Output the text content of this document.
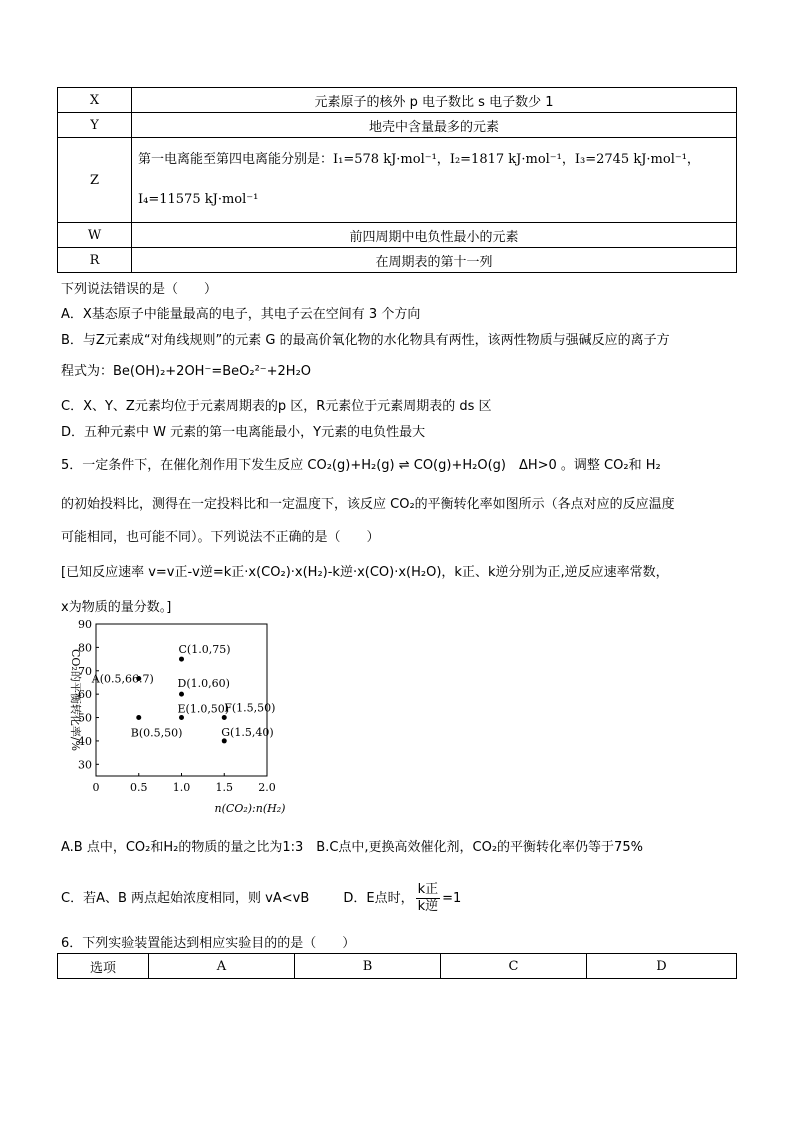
X	元素原子的核外 p 电子数比 s 电子数少 1
Y	地壳中含量最多的元素
Z	第一电离能至第四电离能分别是：I₁=578 kJ·mol⁻¹，I₂=1817 kJ·mol⁻¹，I₃=2745 kJ·mol⁻¹，
I₄=11575 kJ·mol⁻¹

W	前四周期中电负性最小的元素
R	在周期表的第十一列
下列说法错误的是（　　）
A．X基态原子中能量最高的电子，其电子云在空间有 3 个方向
B．与Z元素成“对角线规则”的元素 G 的最高价氧化物的水化物具有两性，该两性物质与强碱反应的离子方
程式为：Be(OH)₂+2OH⁻=BeO₂²⁻+2H₂O
C．X、Y、Z元素均位于元素周期表的p 区，R元素位于元素周期表的 ds 区
D．五种元素中 W 元素的第一电离能最小，Y元素的电负性最大
5．一定条件下，在催化剂作用下发生反应 CO₂(g)+H₂(g) ⇌ CO(g)+H₂O(g)　ΔH>0 。调整 CO₂和 H₂
的初始投料比，测得在一定投料比和一定温度下，该反应 CO₂的平衡转化率如图所示（各点对应的反应温度
可能相同，也可能不同）。下列说法不正确的是（　　）
[已知反应速率 v=v正-v逆=k正·x(CO₂)·x(H₂)-k逆·x(CO)·x(H₂O)，k正、k逆分别为正,逆反应速率常数，
x为物质的量分数。]
0	0.5 1.0 1.5 2.0
30
40
50
60
70
80
90
n(CO₂):n(H₂)
CO₂的平衡转化率/% A(0.5,66.7)
B(0.5,50)
C(1.0,75)
D(1.0,60)
E(1.0,50)
F(1.5,50)
G(1.5,40)
A.B 点中，CO₂和H₂的物质的量之比为1:3　B.C点中,更换高效催化剂，CO₂的平衡转化率仍等于75%
C．若A、B 两点起始浓度相同，则 vA<vB	D．E点时， $\frac{\text{k正}}{\text{k逆}} =1$
6．下列实验装置能达到相应实验目的的是（　　）
选项	A	B	C	D
